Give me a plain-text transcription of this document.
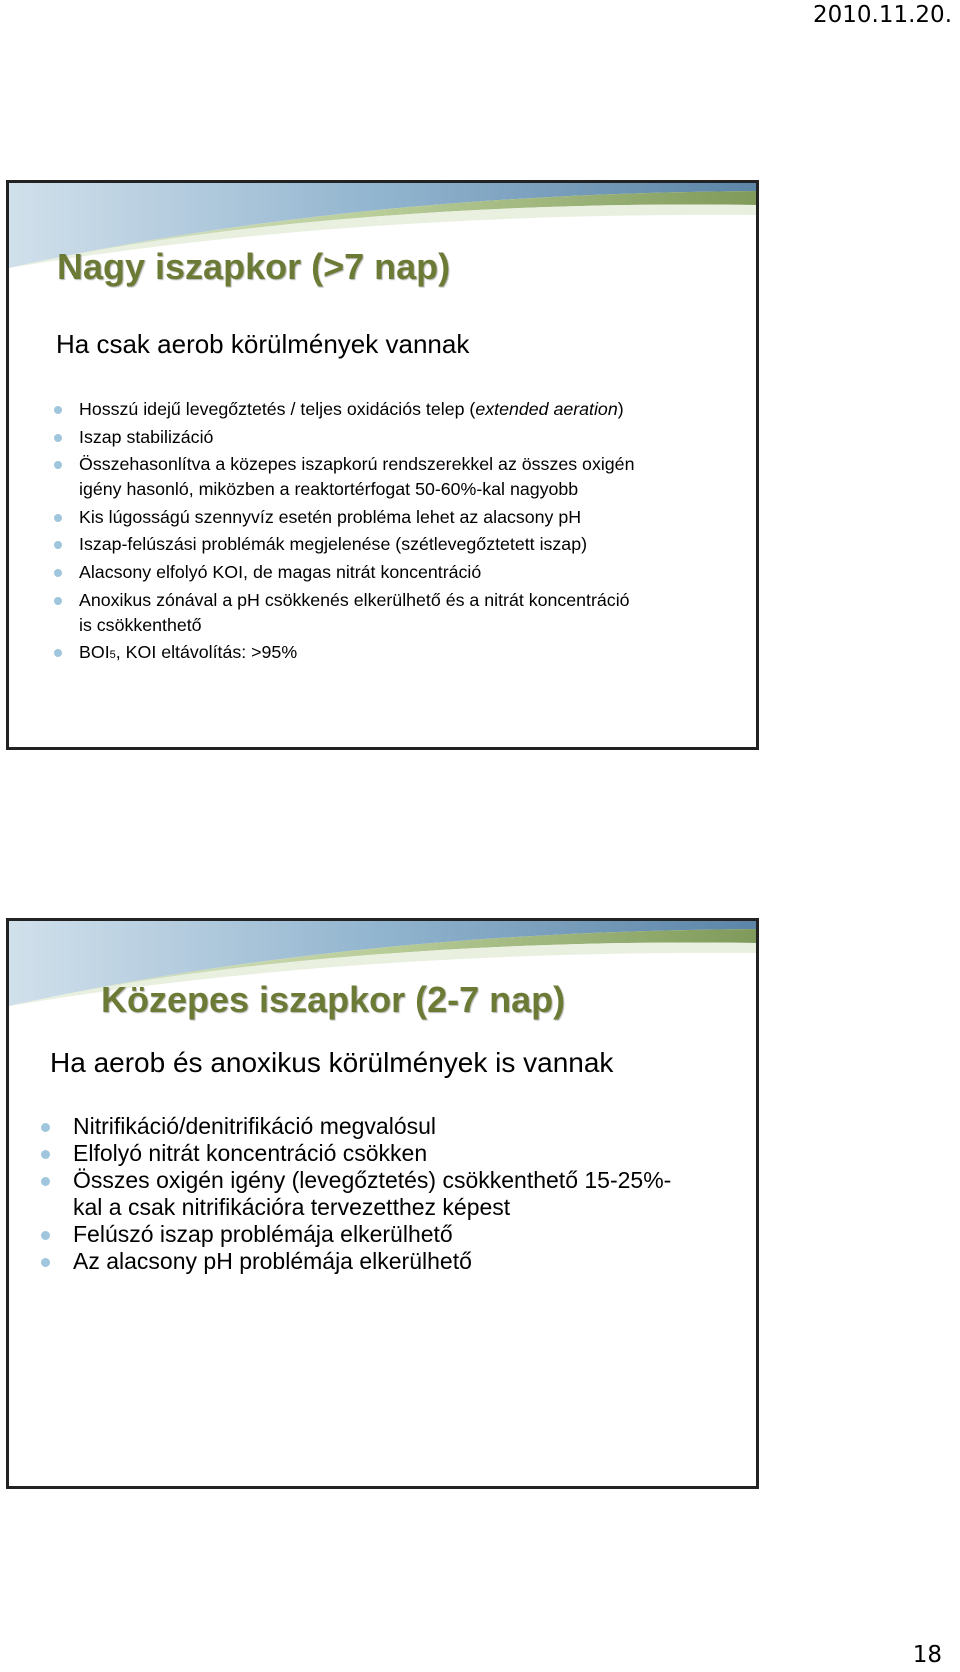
2010.11.20.
Nagy iszapkor (>7 nap)
Ha csak aerob körülmények vannak
Hosszú idejű levegőztetés / teljes oxidációs telep (extended aeration)
Iszap stabilizáció
Összehasonlítva a közepes iszapkorú rendszerekkel az összes oxigén
igény hasonló, miközben a reaktortérfogat 50-60%-kal nagyobb
Kis lúgosságú szennyvíz esetén probléma lehet az alacsony pH
Iszap-felúszási problémák megjelenése (szétlevegőztetett iszap)
Alacsony elfolyó KOI, de magas nitrát koncentráció
Anoxikus zónával a pH csökkenés elkerülhető és a nitrát koncentráció
is csökkenthető
BOI5, KOI eltávolítás: >95%
Közepes iszapkor (2-7 nap)
Ha aerob és anoxikus körülmények is vannak
Nitrifikáció/denitrifikáció megvalósul
Elfolyó nitrát koncentráció csökken
Összes oxigén igény (levegőztetés) csökkenthető 15-25%-
kal a csak nitrifikációra tervezetthez képest
Felúszó iszap problémája elkerülhető
Az alacsony pH problémája elkerülhető
18
